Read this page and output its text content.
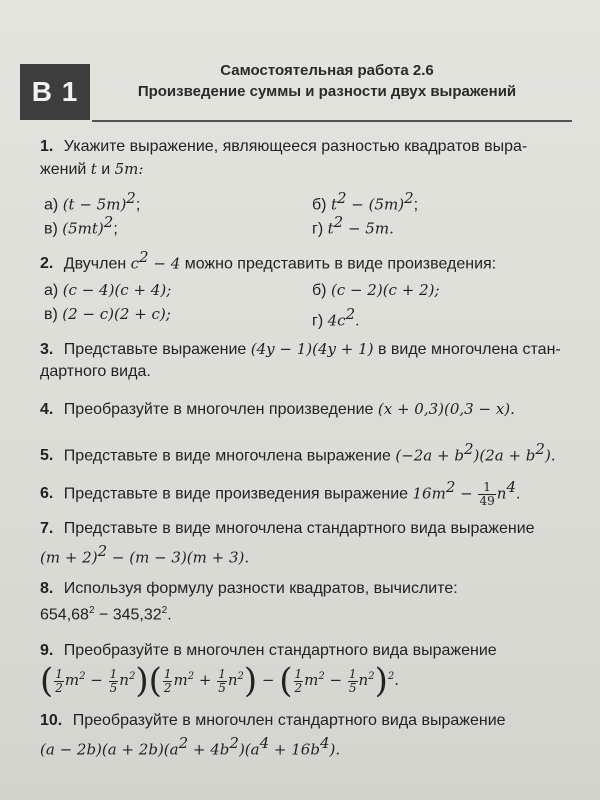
В 1
Самостоятельная работа 2.6
Произведение суммы и разности двух выражений
1. Укажите выражение, являющееся разностью квадратов выра-
жений t и 5m:
а) $(t - 5m)^2$;	б) $t^2 - (5m)^2$;
в) $(5mt)^2$;	г) $t^2 - 5m$.
2. Двучлен $c^2 - 4$ можно представить в виде произведения:
а) (c − 4)(c + 4);	б) (c − 2)(c + 2);
в) (2 − c)(2 + c);	г) $4c^2$.
3. Представьте выражение (4y − 1)(4y + 1) в виде многочлена стан-
дартного вида.
4. Преобразуйте в многочлен произведение (x + 0,3)(0,3 − x).
5. Представьте в виде многочлена выражение $(-2a + b^2)(2a + b^2)$.
6. Представьте в виде произведения выражение $16m^2 - \frac{1}{49} n^4$.
7. Представьте в виде многочлена стандартного вида выражение
$(m + 2)^2 - (m - 3)(m + 3)$.
8. Используя формулу разности квадратов, вычислите:
$654,68^2 - 345,32^2$.
9. Преобразуйте в многочлен стандартного вида выражение
( $\frac{1}{2} m^2 - \frac{1}{5} n^2)( \frac{1}{2} m^2 + \frac{1}{5} n^2)$ − ( $\frac{1}{2} m^2 - \frac{1}{5} n^2)^2$.
10. Преобразуйте в многочлен стандартного вида выражение
$(a - 2b)(a + 2b)(a^2 + 4b^2)(a^4 + 16b^4)$.
